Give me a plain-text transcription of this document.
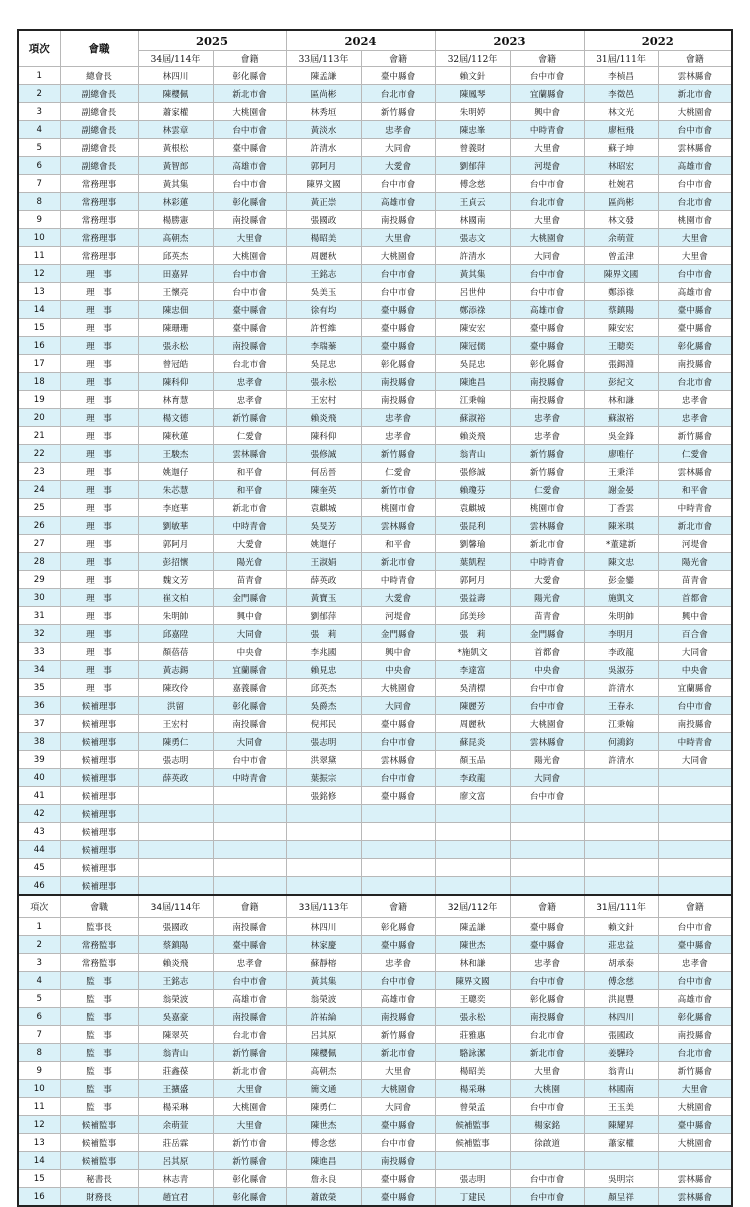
項次	會職	2025		2024		2023		2022	
		34屆/114年	會籍	33屆/113年	會籍	32屆/112年	會籍	31屆/111年	會籍
1	總會長	林四川	彰化縣會	陳孟謙	臺中縣會	賴文針	台中市會	李楨昌	雲林縣會
2	副總會長	陳櫻佩	新北市會	區尚彬	台北市會	陳鳳琴	宜蘭縣會	李徵邑	新北市會
3	副總會長	蕭家權	大桃園會	林秀垣	新竹縣會	朱明婷	興中會	林文光	大桃園會
4	副總會長	林雲章	台中市會	黃淡水	忠孝會	陳忠峯	中時青會	廖桓飛	台中市會
5	副總會長	黃根松	臺中縣會	許清水	大同會	曾義財	大里會	蘇子坤	雲林縣會
6	副總會長	黃智郎	高雄市會	郭阿月	大愛會	劉郁萍	河堤會	林昭宏	高雄市會
7	常務理事	黃其集	台中市會	陳界文國	台中市會	傅念慈	台中市會	杜婉君	台中市會
8	常務理事	林彩蓮	彰化縣會	黃正崇	高雄市會	王貞云	台北市會	區尚彬	台北市會
9	常務理事	楊勝憲	南投縣會	張國政	南投縣會	林國南	大里會	林文發	桃園市會
10	常務理事	高朝杰	大里會	楊昭美	大里會	張志文	大桃園會	余萌萱	大里會
11	常務理事	邱英杰	大桃園會	周麗秋	大桃園會	許清水	大同會	曾孟津	大里會
12	理　事	田嘉昇	台中市會	王銘志	台中市會	黃其集	台中市會	陳界文國	台中市會
13	理　事	王懷亮	台中市會	吳美玉	台中市會	呂世仲	台中市會	鄭添祿	高雄市會
14	理　事	陳忠佃	臺中縣會	徐有均	臺中縣會	鄭添祿	高雄市會	蔡鎮陽	臺中縣會
15	理　事	陳珊珊	臺中縣會	許哲維	臺中縣會	陳安宏	臺中縣會	陳安宏	臺中縣會
16	理　事	張永松	南投縣會	李瑞蓁	臺中縣會	陳冠儒	臺中縣會	王聰奕	彰化縣會
17	理　事	曾冠皓	台北市會	吳昆忠	彰化縣會	吳昆忠	彰化縣會	張錫淵	南投縣會
18	理　事	陳科仰	忠孝會	張永松	南投縣會	陳進昌	南投縣會	彭紀文	台北市會
19	理　事	林育慧	忠孝會	王宏村	南投縣會	江秉翰	南投縣會	林和謙	忠孝會
20	理　事	楊文德	新竹縣會	賴炎飛	忠孝會	蘇淑裕	忠孝會	蘇淑裕	忠孝會
21	理　事	陳秋蓮	仁愛會	陳科仰	忠孝會	賴炎飛	忠孝會	吳金鋒	新竹縣會
22	理　事	王駿杰	雲林縣會	張修誠	新竹縣會	翁青山	新竹縣會	廖唯仔	仁愛會
23	理　事	姚迦仔	和平會	何岳晉	仁愛會	張修誠	新竹縣會	王秉洋	雲林縣會
24	理　事	朱芯慧	和平會	陳奎英	新竹市會	賴瓊芬	仁愛會	謝金晏	和平會
25	理　事	李庭華	新北市會	袁麒城	桃園市會	袁麒城	桃園市會	丁香雲	中時青會
26	理　事	劉敏華	中時青會	吳旻芳	雲林縣會	張昆利	雲林縣會	陳米琪	新北市會
27	理　事	郭阿月	大愛會	姚迦仔	和平會	劉馨瑜	新北市會	*董建新	河堤會
28	理　事	彭招懷	陽光會	王淑娟	新北市會	葉凱程	中時青會	陳文忠	陽光會
29	理　事	魏文芳	苗青會	薛英政	中時青會	郭阿月	大愛會	彭金鑾	苗青會
30	理　事	崔文柏	金門縣會	黃寶玉	大愛會	張益壽	陽光會	施凱文	首都會
31	理　事	朱明帥	興中會	劉郁萍	河堤會	邱美珍	苗青會	朱明帥	興中會
32	理　事	邱嘉陞	大同會	張　莉	金門縣會	張　莉	金門縣會	李明月	百合會
33	理　事	顏蓓蓓	中央會	李兆國	興中會	*施凱文	首都會	李政龍	大同會
34	理　事	黃志錫	宜蘭縣會	賴見忠	中央會	李達富	中央會	吳淑芬	中央會
35	理　事	陳玫伶	嘉義縣會	邱英杰	大桃園會	吳清標	台中市會	許清水	宜蘭縣會
36	候補理事	洪留	彰化縣會	吳爵杰	大同會	陳麗芳	台中市會	王春永	台中市會
37	候補理事	王宏村	南投縣會	倪邦民	臺中縣會	周麗秋	大桃園會	江秉翰	南投縣會
38	候補理事	陳勇仁	大同會	張志明	台中市會	蘇昆炎	雲林縣會	何鴻鈞	中時青會
39	候補理事	張志明	台中市會	洪翠黛	雲林縣會	顏玉品	陽光會	許清水	大同會
40	候補理事	薛英政	中時青會	葉振宗	台中市會	李政龍	大同會		
41	候補理事			張銘修	臺中縣會	廖文富	台中市會		
42	候補理事								
43	候補理事								
44	候補理事								
45	候補理事								
46	候補理事								
項次	會職	34屆/114年	會籍	33屆/113年	會籍	32屆/112年	會籍	31屆/111年	會籍
1	監事長	張國政	南投縣會	林四川	彰化縣會	陳孟謙	臺中縣會	賴文針	台中市會
2	常務監事	蔡鎮陽	臺中縣會	林家慶	臺中縣會	陳世杰	臺中縣會	莊忠益	臺中縣會
3	常務監事	賴炎飛	忠孝會	蘇靜榕	忠孝會	林和謙	忠孝會	胡承泰	忠孝會
4	監　事	王銘志	台中市會	黃其集	台中市會	陳界文國	台中市會	傅念慈	台中市會
5	監　事	翁榮波	高雄市會	翁榮波	高雄市會	王聰奕	彰化縣會	洪崑豐	高雄市會
6	監　事	吳嘉豪	南投縣會	許祐綸	南投縣會	張永松	南投縣會	林四川	彰化縣會
7	監　事	陳翠英	台北市會	呂其原	新竹縣會	莊雅惠	台北市會	張國政	南投縣會
8	監　事	翁青山	新竹縣會	陳櫻佩	新北市會	駱詠潔	新北市會	姜驊玲	台北市會
9	監　事	莊鑫葆	新北市會	高朝杰	大里會	楊昭美	大里會	翁青山	新竹縣會
10	監　事	王擴盛	大里會	簡文通	大桃園會	楊采琳	大桃園	林國南	大里會
11	監　事	楊采琳	大桃園會	陳勇仁	大同會	曾榮孟	台中市會	王玉美	大桃園會
12	候補監事	余萌萱	大里會	陳世杰	臺中縣會	候補監事	楊家銘	陳耀昇	臺中縣會
13	候補監事	莊岳霖	新竹市會	傅念慈	台中市會	候補監事	徐啟道	蕭家權	大桃園會
14	候補監事	呂其原	新竹縣會	陳進昌	南投縣會				
15	秘書長	林志青	彰化縣會	詹永良	臺中縣會	張志明	台中市會	吳明宗	雲林縣會
16	財務長	趙宜君	彰化縣會	蕭啟榮	臺中縣會	丁建民	台中市會	顏呈祥	雲林縣會
